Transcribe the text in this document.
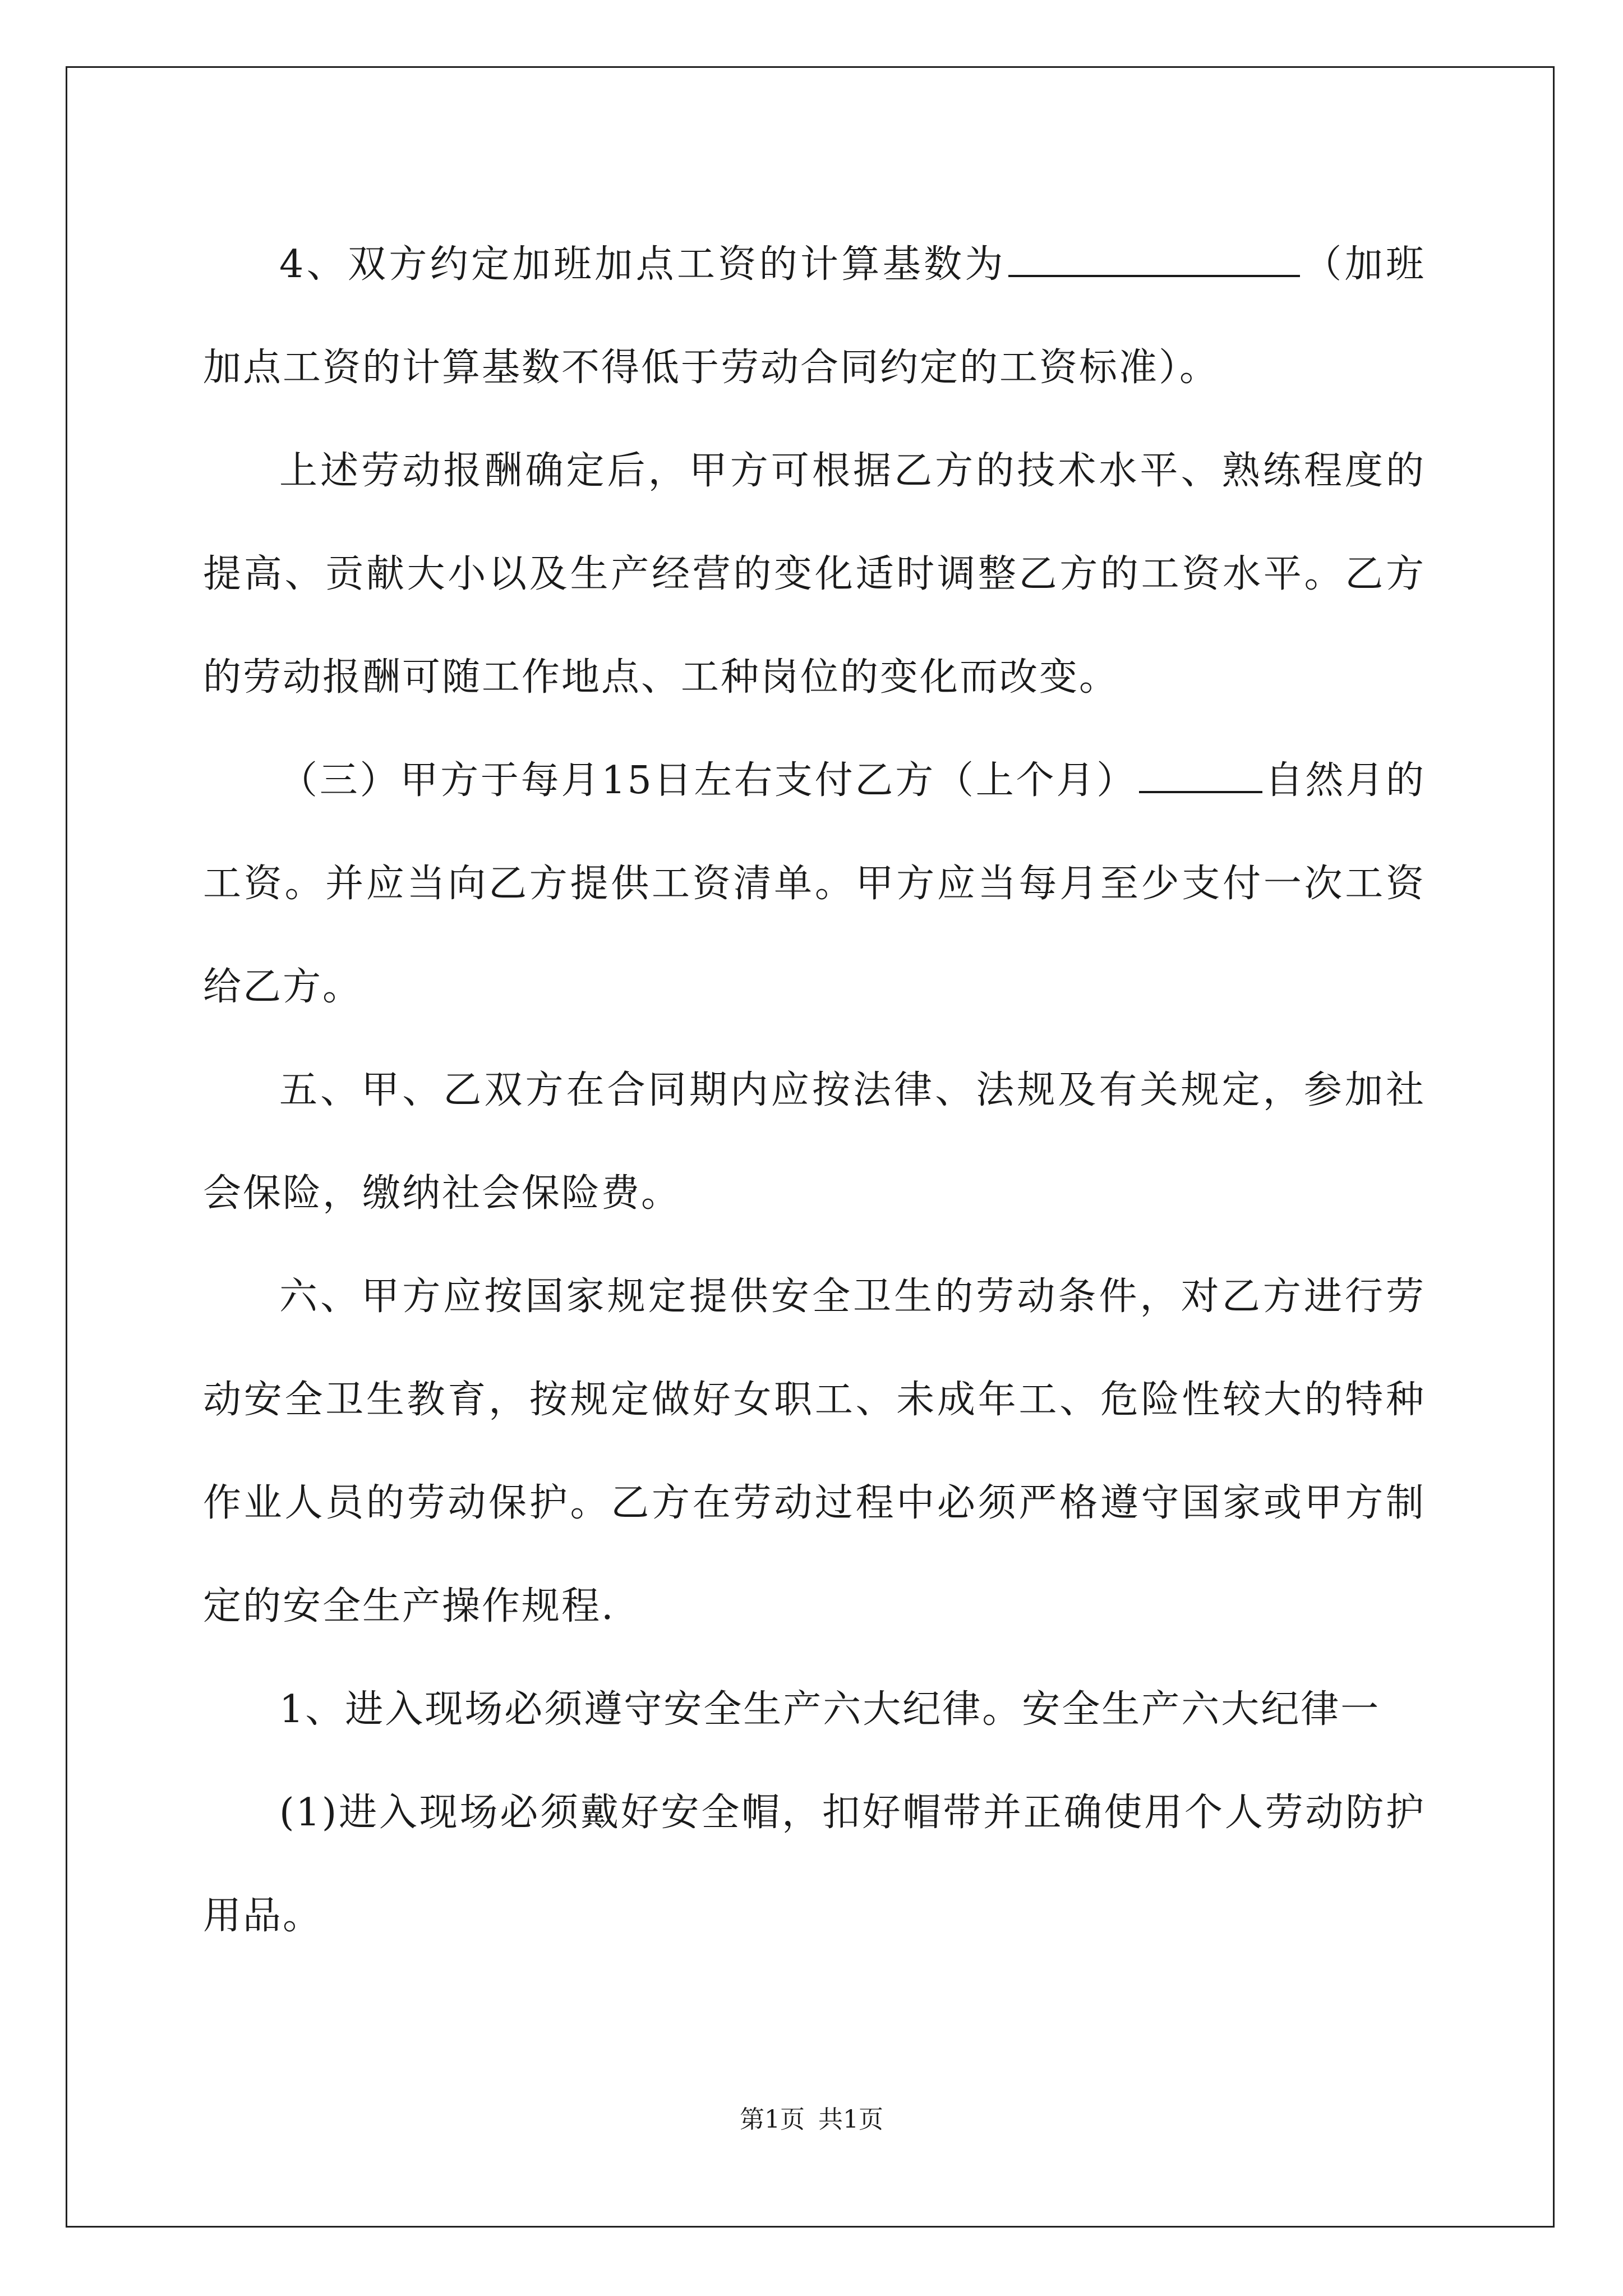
4、双方约定加班加点工资的计算基数为	（加班加点工资的计算基数不得低于劳动合同约定的工资标准）。

上述劳动报酬确定后，甲方可根据乙方的技术水平、熟练程度的提高、贡献大小以及生产经营的变化适时调整乙方的工资水平。乙方的劳动报酬可随工作地点、工种岗位的变化而改变。

（三）甲方于每月15日左右支付乙方（上个月）	自然月的工资。并应当向乙方提供工资清单。甲方应当每月至少支付一次工资给乙方。

五、甲、乙双方在合同期内应按法律、法规及有关规定，参加社会保险，缴纳社会保险费。

六、甲方应按国家规定提供安全卫生的劳动条件，对乙方进行劳动安全卫生教育，按规定做好女职工、未成年工、危险性较大的特种作业人员的劳动保护。乙方在劳动过程中必须严格遵守国家或甲方制定的安全生产操作规程.

1、进入现场必须遵守安全生产六大纪律。安全生产六大纪律一

(1)进入现场必须戴好安全帽，扣好帽带并正确使用个人劳动防护用品。

第1页 共1页
